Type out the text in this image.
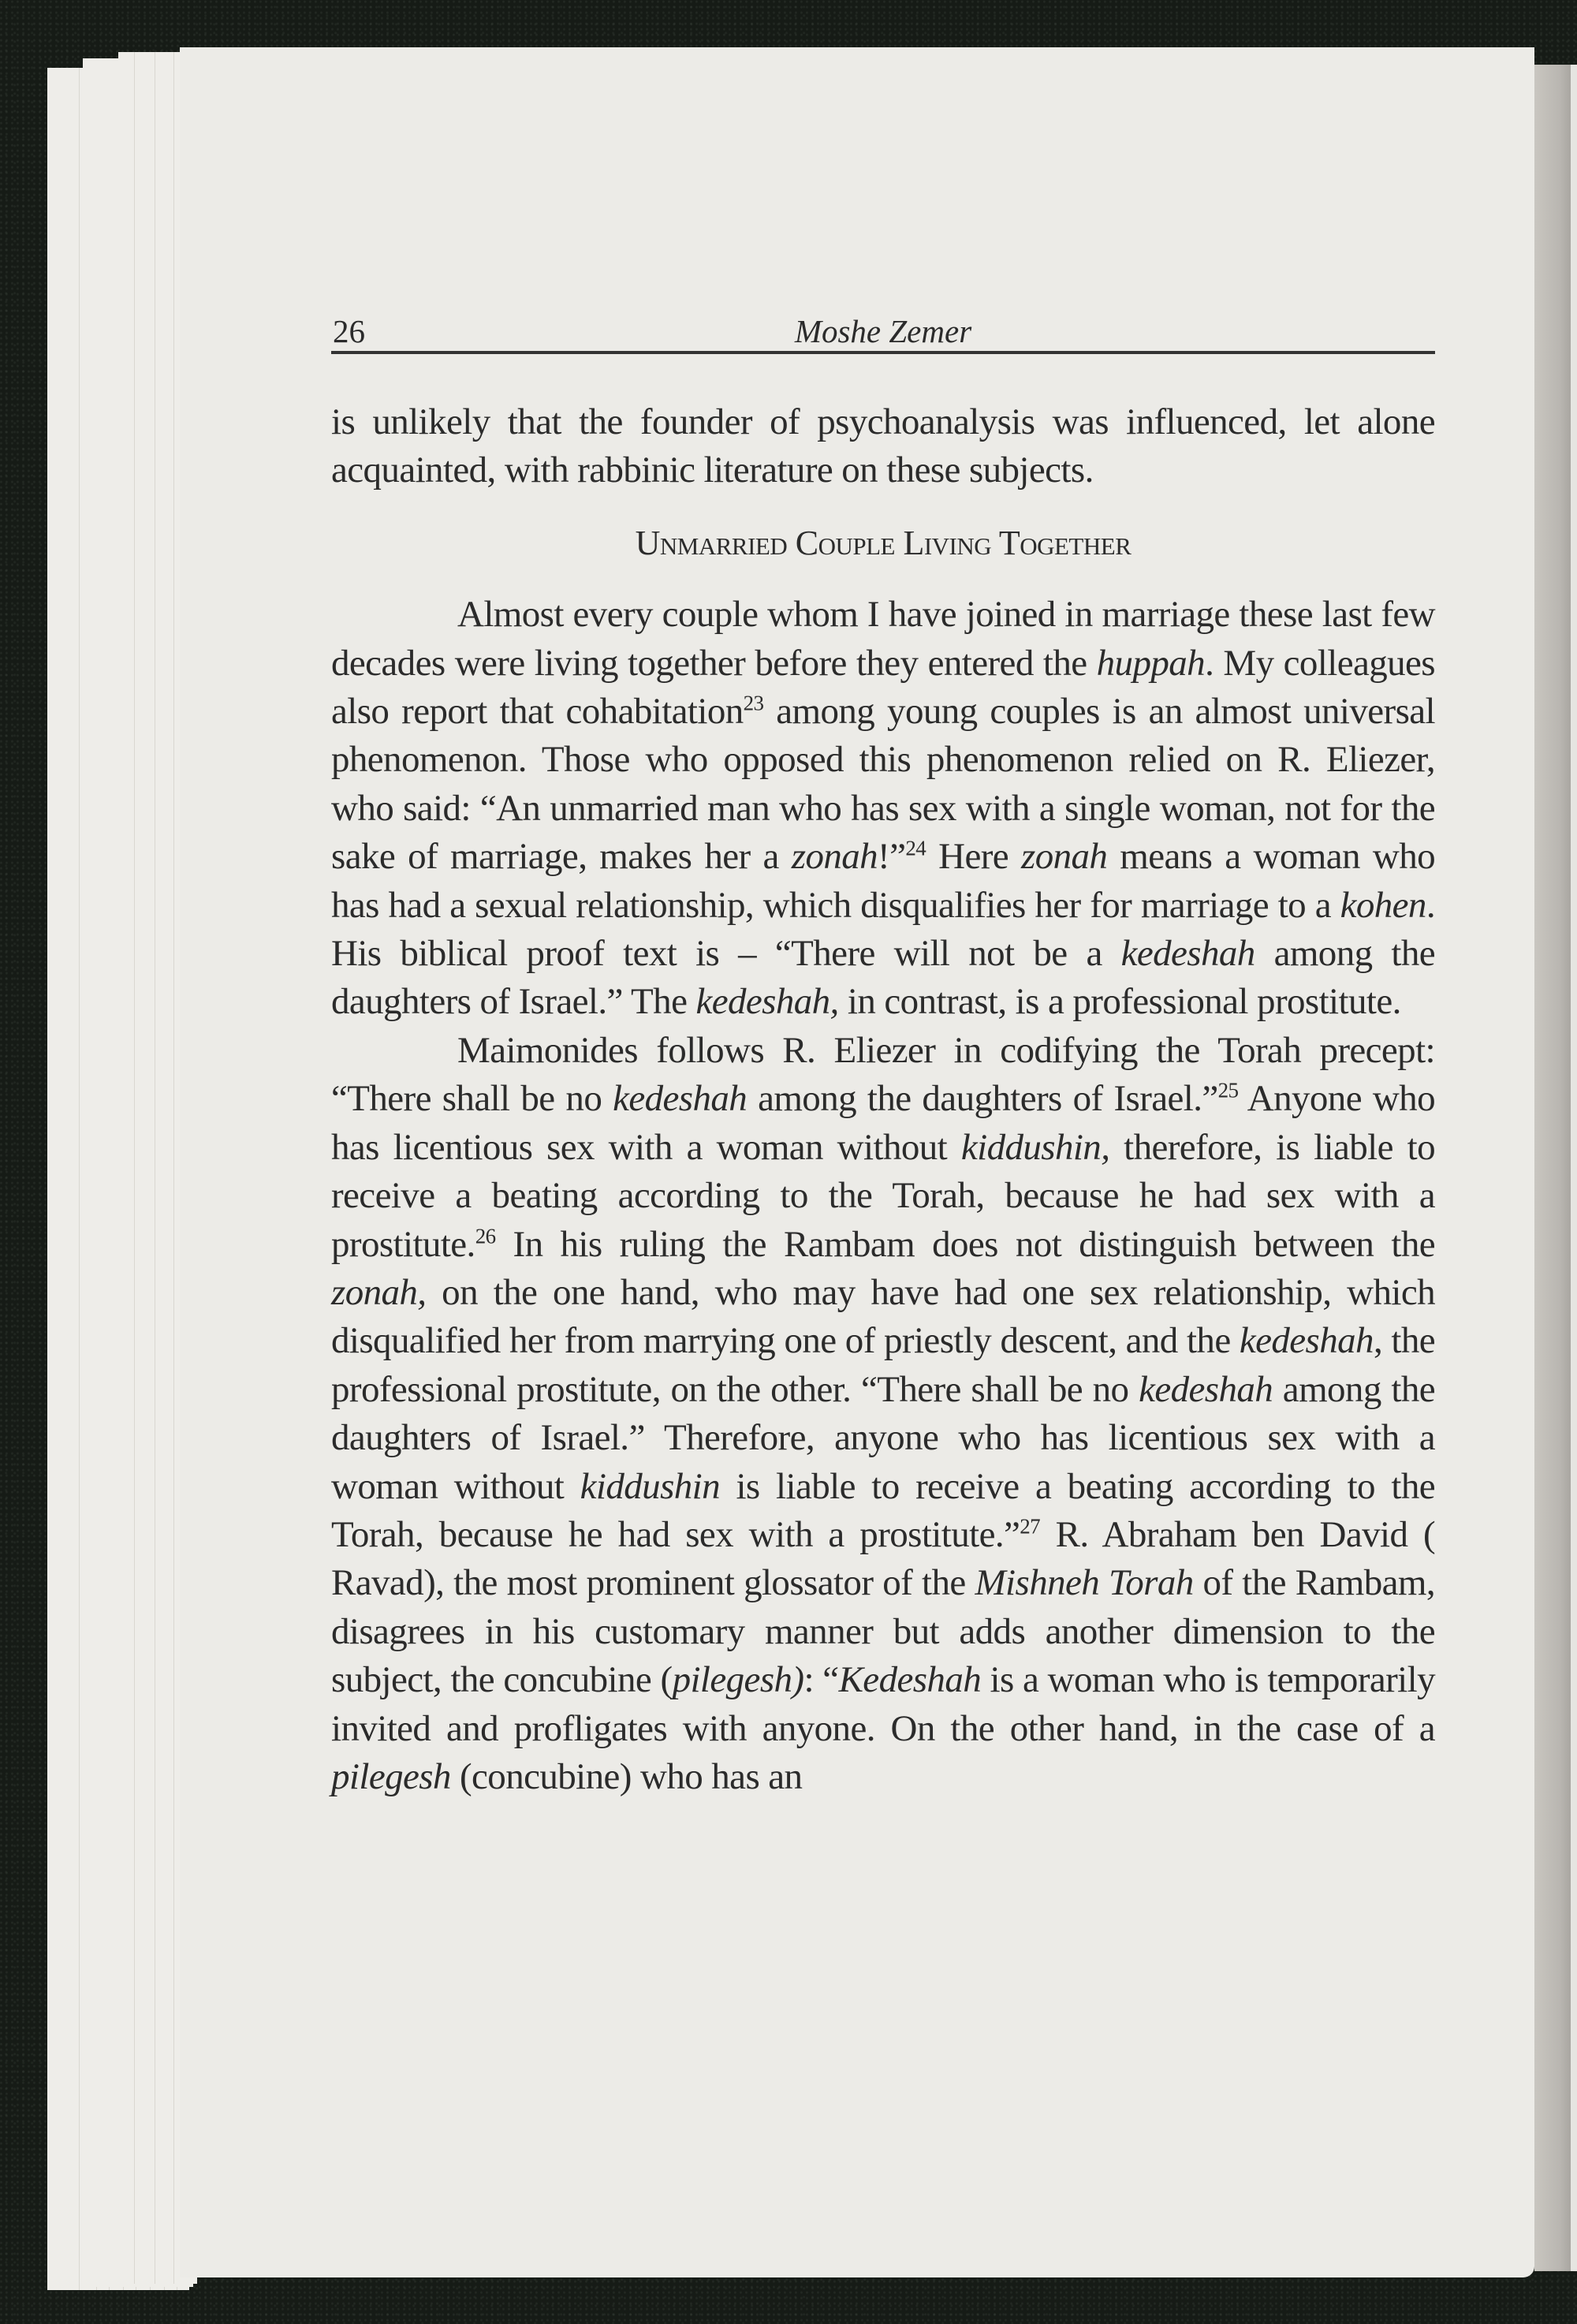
26	Moshe Zemer

is unlikely that the founder of psychoanalysis was influenced, let alone acquainted, with rabbinic literature on these subjects.

Unmarried Couple Living Together

Almost every couple whom I have joined in marriage these last few decades were living together before they entered the huppah. My colleagues also report that cohabitation$^{23}$ among young couples is an almost universal phenomenon. Those who opposed this phenomenon relied on R. Eliezer, who said: “An unmarried man who has sex with a single woman, not for the sake of marriage, makes her a zonah!”$^{24}$ Here zonah means a woman who has had a sexual relationship, which disqualifies her for marriage to a kohen. His biblical proof text is – “There will not be a kedeshah among the daughters of Israel.” The kedeshah, in contrast, is a professional prostitute.

Maimonides follows R. Eliezer in codifying the Torah precept: “There shall be no kedeshah among the daughters of Israel.”$^{25}$ Anyone who has licentious sex with a woman without kiddushin, therefore, is liable to receive a beating according to the Torah, because he had sex with a prostitute.$^{26}$ In his ruling the Rambam does not distinguish between the zonah, on the one hand, who may have had one sex relationship, which disqualified her from marrying one of priestly descent, and the kedeshah, the professional prostitute, on the other. “There shall be no kedeshah among the daughters of Israel.” Therefore, anyone who has licentious sex with a woman without kiddushin is liable to receive a beating according to the Torah, because he had sex with a prostitute.”$^{27}$ R. Abraham ben David ( Ravad), the most prominent glossator of the Mishneh Torah of the Rambam, disagrees in his customary manner but adds another dimension to the subject, the concubine (pilegesh): “Kedeshah is a woman who is temporarily invited and profligates with anyone. On the other hand, in the case of a pilegesh (concubine) who has an
